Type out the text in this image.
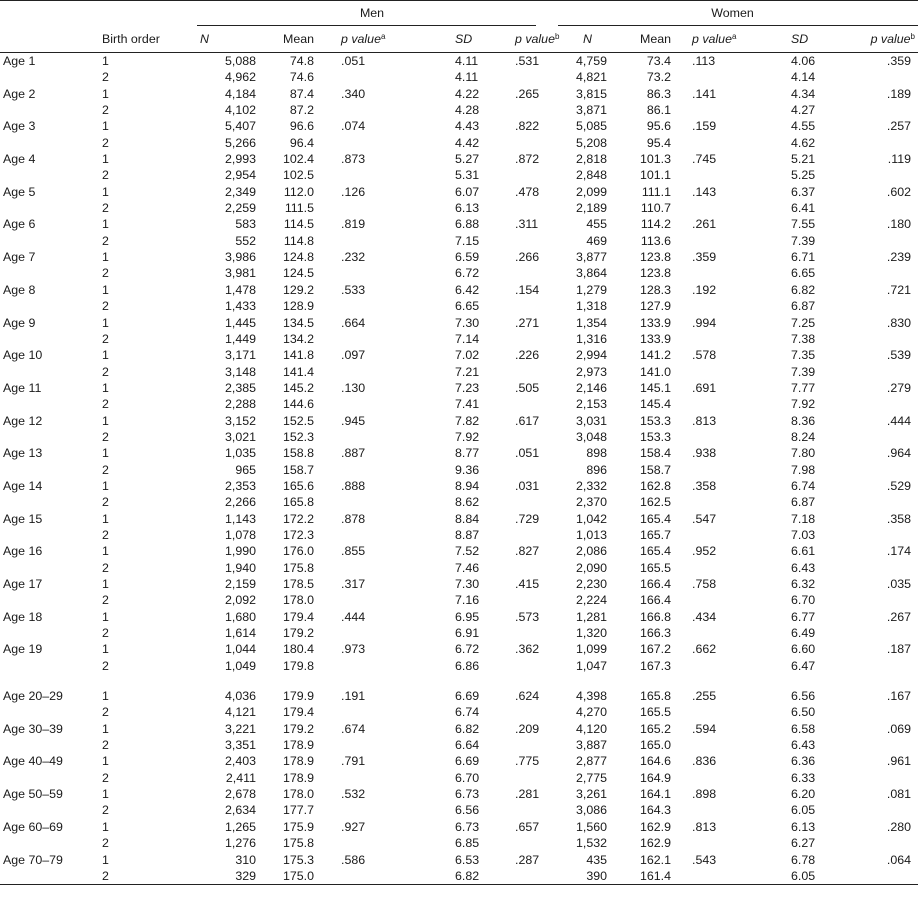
		Men							Women						

	Birth order	N	Mean		p value$^a$		SD	p value$^b$	N	Mean		p value$^a$		SD	p value$^b$
Age 1	1	5,088	74.8		.051		4.11	.531	4,759	73.4		.113		4.06	.359
	2	4,962	74.6				4.11		4,821	73.2				4.14	
Age 2	1	4,184	87.4		.340		4.22	.265	3,815	86.3		.141		4.34	.189
	2	4,102	87.2				4.28		3,871	86.1				4.27	
Age 3	1	5,407	96.6		.074		4.43	.822	5,085	95.6		.159		4.55	.257
	2	5,266	96.4				4.42		5,208	95.4				4.62	
Age 4	1	2,993	102.4		.873		5.27	.872	2,818	101.3		.745		5.21	.119
	2	2,954	102.5				5.31		2,848	101.1				5.25	
Age 5	1	2,349	112.0		.126		6.07	.478	2,099	111.1		.143		6.37	.602
	2	2,259	111.5				6.13		2,189	110.7				6.41	
Age 6	1	583	114.5		.819		6.88	.311	455	114.2		.261		7.55	.180
	2	552	114.8				7.15		469	113.6				7.39	
Age 7	1	3,986	124.8		.232		6.59	.266	3,877	123.8		.359		6.71	.239
	2	3,981	124.5				6.72		3,864	123.8				6.65	
Age 8	1	1,478	129.2		.533		6.42	.154	1,279	128.3		.192		6.82	.721
	2	1,433	128.9				6.65		1,318	127.9				6.87	
Age 9	1	1,445	134.5		.664		7.30	.271	1,354	133.9		.994		7.25	.830
	2	1,449	134.2				7.14		1,316	133.9				7.38	
Age 10	1	3,171	141.8		.097		7.02	.226	2,994	141.2		.578		7.35	.539
	2	3,148	141.4				7.21		2,973	141.0				7.39	
Age 11	1	2,385	145.2		.130		7.23	.505	2,146	145.1		.691		7.77	.279
	2	2,288	144.6				7.41		2,153	145.4				7.92	
Age 12	1	3,152	152.5		.945		7.82	.617	3,031	153.3		.813		8.36	.444
	2	3,021	152.3				7.92		3,048	153.3				8.24	
Age 13	1	1,035	158.8		.887		8.77	.051	898	158.4		.938		7.80	.964
	2	965	158.7				9.36		896	158.7				7.98	
Age 14	1	2,353	165.6		.888		8.94	.031	2,332	162.8		.358		6.74	.529
	2	2,266	165.8				8.62		2,370	162.5				6.87	
Age 15	1	1,143	172.2		.878		8.84	.729	1,042	165.4		.547		7.18	.358
	2	1,078	172.3				8.87		1,013	165.7				7.03	
Age 16	1	1,990	176.0		.855		7.52	.827	2,086	165.4		.952		6.61	.174
	2	1,940	175.8				7.46		2,090	165.5				6.43	
Age 17	1	2,159	178.5		.317		7.30	.415	2,230	166.4		.758		6.32	.035
	2	2,092	178.0				7.16		2,224	166.4				6.70	
Age 18	1	1,680	179.4		.444		6.95	.573	1,281	166.8		.434		6.77	.267
	2	1,614	179.2				6.91		1,320	166.3				6.49	
Age 19	1	1,044	180.4		.973		6.72	.362	1,099	167.2		.662		6.60	.187
	2	1,049	179.8				6.86		1,047	167.3				6.47	

Age 20–29	1	4,036	179.9		.191		6.69	.624	4,398	165.8		.255		6.56	.167
	2	4,121	179.4				6.74		4,270	165.5				6.50	
Age 30–39	1	3,221	179.2		.674		6.82	.209	4,120	165.2		.594		6.58	.069
	2	3,351	178.9				6.64		3,887	165.0				6.43	
Age 40–49	1	2,403	178.9		.791		6.69	.775	2,877	164.6		.836		6.36	.961
	2	2,411	178.9				6.70		2,775	164.9				6.33	
Age 50–59	1	2,678	178.0		.532		6.73	.281	3,261	164.1		.898		6.20	.081
	2	2,634	177.7				6.56		3,086	164.3				6.05	
Age 60–69	1	1,265	175.9		.927		6.73	.657	1,560	162.9		.813		6.13	.280
	2	1,276	175.8				6.85		1,532	162.9				6.27	
Age 70–79	1	310	175.3		.586		6.53	.287	435	162.1		.543		6.78	.064
	2	329	175.0				6.82		390	161.4				6.05	
